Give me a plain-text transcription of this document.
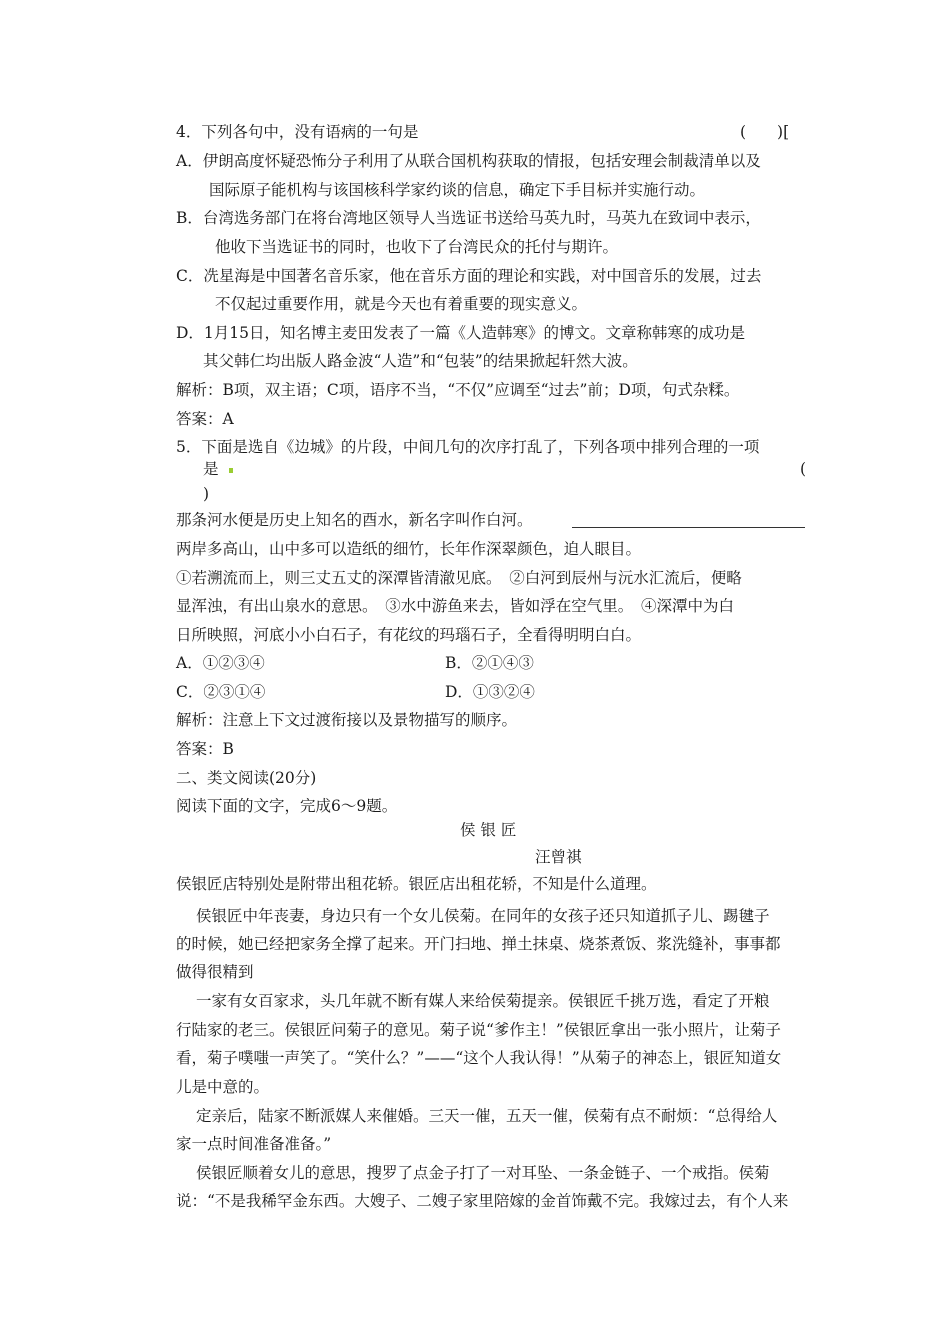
4．下列各句中，没有语病的一句是	(　　)[
A．伊朗高度怀疑恐怖分子利用了从联合国机构获取的情报，包括安理会制裁清单以及
国际原子能机构与该国核科学家约谈的信息，确定下手目标并实施行动。
B．台湾选务部门在将台湾地区领导人当选证书送给马英九时，马英九在致词中表示，
他收下当选证书的同时，也收下了台湾民众的托付与期许。
C．冼星海是中国著名音乐家，他在音乐方面的理论和实践，对中国音乐的发展，过去
不仅起过重要作用，就是今天也有着重要的现实意义。
D．1月15日，知名博主麦田发表了一篇《人造韩寒》的博文。文章称韩寒的成功是
其父韩仁均出版人路金波“人造”和“包装”的结果掀起轩然大波。
解析：B项，双主语；C项，语序不当，“不仅”应调至“过去”前；D项，句式杂糅。
答案：A
5．下面是选自《边城》的片段，中间几句的次序打乱了，下列各项中排列合理的一项
是	(
)
那条河水便是历史上知名的酉水，新名字叫作白河。
两岸多高山，山中多可以造纸的细竹，长年作深翠颜色，迫人眼目。
①若溯流而上，则三丈五丈的深潭皆清澈见底。　②白河到辰州与沅水汇流后，便略
显浑浊，有出山泉水的意思。　③水中游鱼来去，皆如浮在空气里。　④深潭中为白
日所映照，河底小小白石子，有花纹的玛瑙石子，全看得明明白白。
A．①②③④	B．②①④③
C．②③①④	D．①③②④
解析：注意上下文过渡衔接以及景物描写的顺序。
答案：B
二、类文阅读(20分)
阅读下面的文字，完成6～9题。
侯 银 匠
汪曾祺
侯银匠店特别处是附带出租花轿。银匠店出租花轿，不知是什么道理。
侯银匠中年丧妻，身边只有一个女儿侯菊。在同年的女孩子还只知道抓子儿、踢毽子
的时候，她已经把家务全撑了起来。开门扫地、掸土抹桌、烧茶煮饭、浆洗缝补，事事都
做得很精到
一家有女百家求，头几年就不断有媒人来给侯菊提亲。侯银匠千挑万选，看定了开粮
行陆家的老三。侯银匠问菊子的意见。菊子说“爹作主！”侯银匠拿出一张小照片，让菊子
看，菊子噗嗤一声笑了。“笑什么？”——“这个人我认得！”从菊子的神态上，银匠知道女
儿是中意的。
定亲后，陆家不断派媒人来催婚。三天一催，五天一催，侯菊有点不耐烦：“总得给人
家一点时间准备准备。”
侯银匠顺着女儿的意思，搜罗了点金子打了一对耳坠、一条金链子、一个戒指。侯菊
说：“不是我稀罕金东西。大嫂子、二嫂子家里陪嫁的金首饰戴不完。我嫁过去，有个人来
